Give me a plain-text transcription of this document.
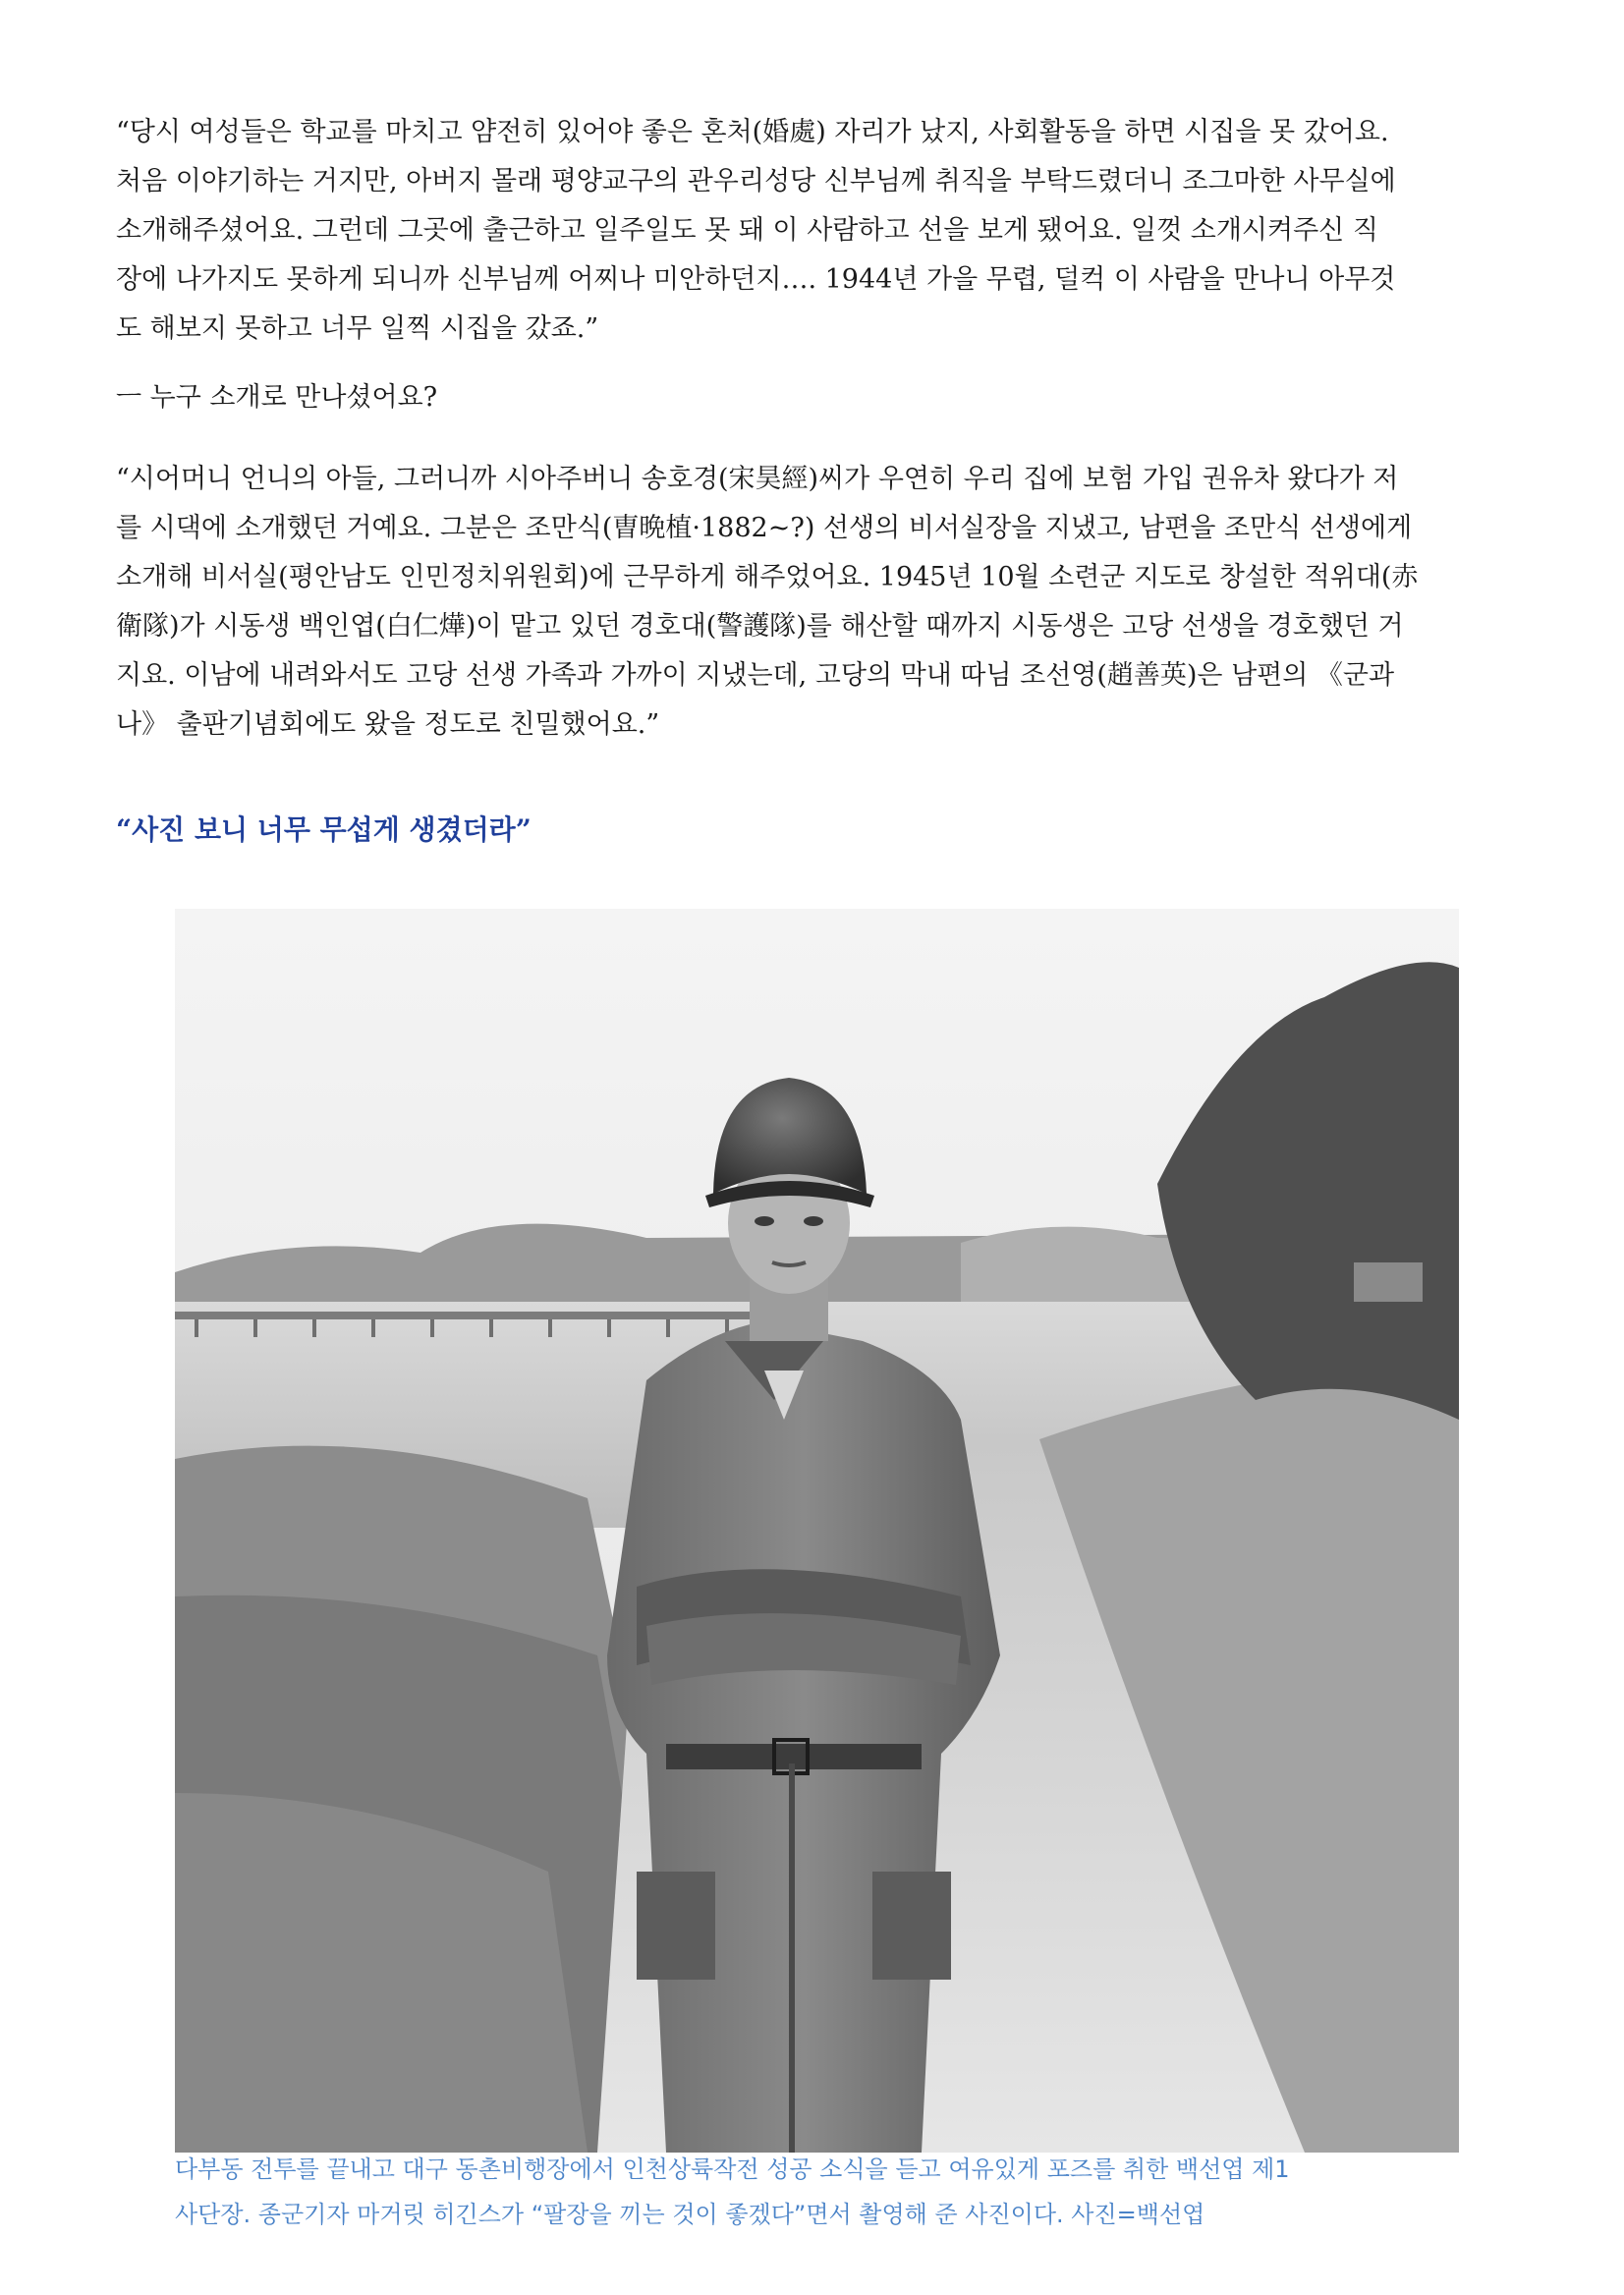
“당시 여성들은 학교를 마치고 얌전히 있어야 좋은 혼처(婚處) 자리가 났지, 사회활동을 하면 시집을 못 갔어요.
처음 이야기하는 거지만, 아버지 몰래 평양교구의 관우리성당 신부님께 취직을 부탁드렸더니 조그마한 사무실에
소개해주셨어요. 그런데 그곳에 출근하고 일주일도 못 돼 이 사람하고 선을 보게 됐어요. 일껏 소개시켜주신 직
장에 나가지도 못하게 되니까 신부님께 어찌나 미안하던지…. 1944년 가을 무렵, 덜컥 이 사람을 만나니 아무것
도 해보지 못하고 너무 일찍 시집을 갔죠.”

ㅡ 누구 소개로 만나셨어요?

“시어머니 언니의 아들, 그러니까 시아주버니 송호경(宋昊經)씨가 우연히 우리 집에 보험 가입 권유차 왔다가 저
를 시댁에 소개했던 거예요. 그분은 조만식(曺晩植·1882~?) 선생의 비서실장을 지냈고, 남편을 조만식 선생에게
소개해 비서실(평안남도 인민정치위원회)에 근무하게 해주었어요. 1945년 10월 소련군 지도로 창설한 적위대(赤
衛隊)가 시동생 백인엽(白仁燁)이 맡고 있던 경호대(警護隊)를 해산할 때까지 시동생은 고당 선생을 경호했던 거
지요. 이남에 내려와서도 고당 선생 가족과 가까이 지냈는데, 고당의 막내 따님 조선영(趙善英)은 남편의 《군과
나》 출판기념회에도 왔을 정도로 친밀했어요.”

“사진 보니 너무 무섭게 생겼더라”
다부동 전투를 끝내고 대구 동촌비행장에서 인천상륙작전 성공 소식을 듣고 여유있게 포즈를 취한 백선엽 제1
사단장. 종군기자 마거릿 히긴스가 “팔장을 끼는 것이 좋겠다”면서 촬영해 준 사진이다. 사진=백선엽
